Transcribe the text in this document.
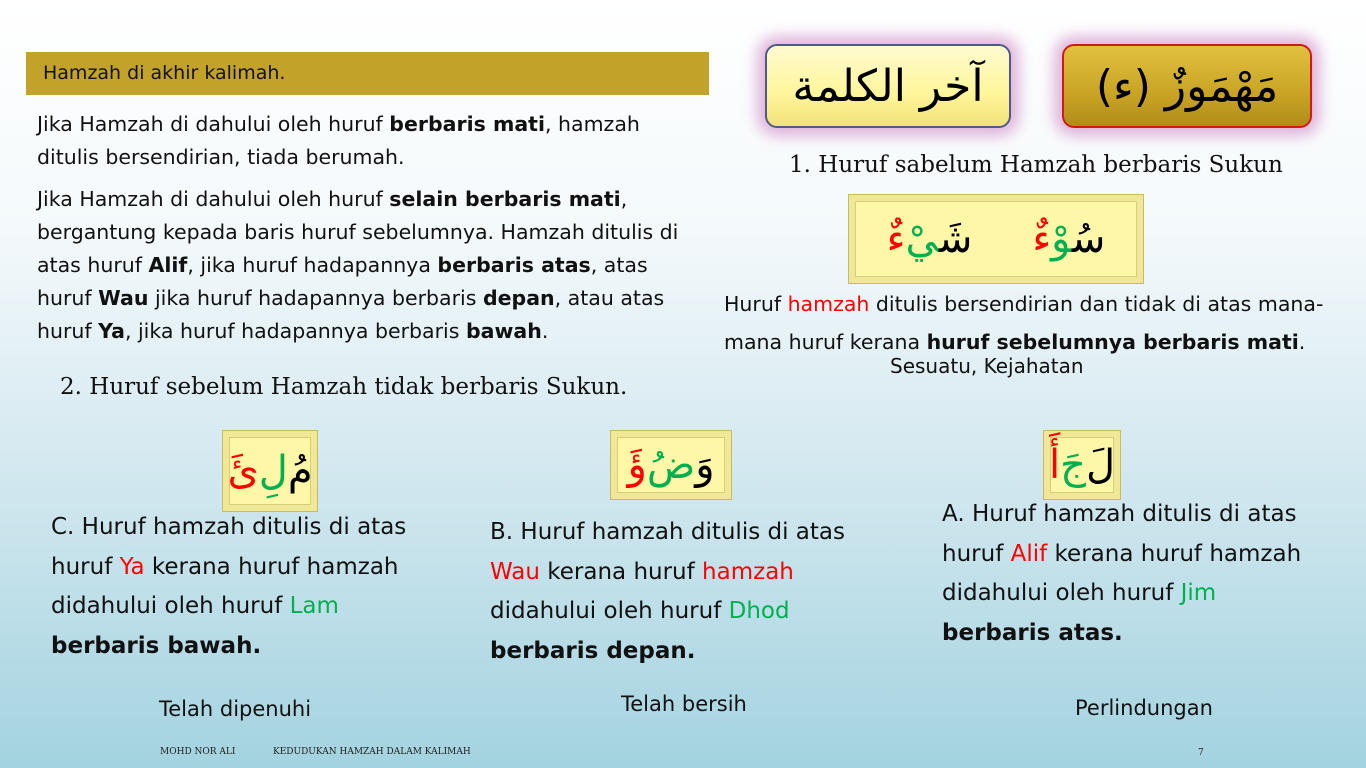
Hamzah di akhir kalimah.
Jika Hamzah di dahului oleh huruf berbaris mati, hamzah ditulis bersendirian, tiada berumah.
Jika Hamzah di dahului oleh huruf selain berbaris mati, bergantung kepada baris huruf sebelumnya. Hamzah ditulis di atas huruf Alif, jika huruf hadapannya berbaris atas, atas huruf Wau jika huruf hadapannya berbaris depan, atau atas huruf Ya, jika huruf hadapannya berbaris bawah.
2. Huruf sebelum Hamzah tidak berbaris Sukun.
آخر الكلمة	مَهْمَوزٌ (ء)
1. Huruf sabelum Hamzah berbaris Sukun
سُوْءٌ
شَيْءٌ
Huruf hamzah ditulis bersendirian dan tidak di atas mana-mana huruf kerana huruf sebelumnya berbaris mati.
Sesuatu, Kejahatan
مُ
لِ
ئَ
C. Huruf hamzah ditulis di atas
huruf Ya kerana huruf hamzah
didahului oleh huruf Lam
berbaris bawah.
Telah dipenuhi
وَ
ضُ
ؤَ
B. Huruf hamzah ditulis di atas
Wau kerana huruf hamzah
didahului oleh huruf Dhod
berbaris depan.
Telah bersih
لَ
جَ
أَ
A. Huruf hamzah ditulis di atas
huruf Alif kerana huruf hamzah
didahului oleh huruf Jim
berbaris atas.
Perlindungan
MOHD NOR ALI	KEDUDUKAN HAMZAH DALAM KALIMAH	7
